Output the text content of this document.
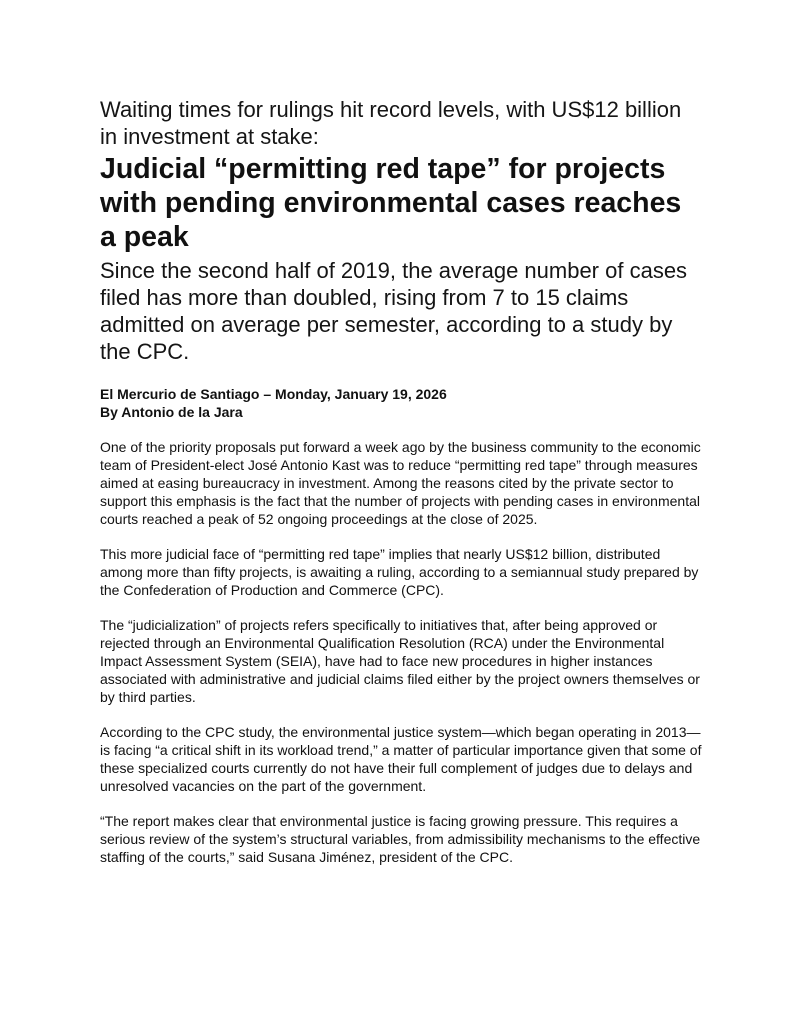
Waiting times for rulings hit record levels, with US$12 billion in investment at stake:
Judicial “permitting red tape” for projects with pending environmental cases reaches a peak

Since the second half of 2019, the average number of cases filed has more than doubled, rising from 7 to 15 claims admitted on average per semester, according to a study by the CPC.

El Mercurio de Santiago – Monday, January 19, 2026
By Antonio de la Jara

One of the priority proposals put forward a week ago by the business community to the economic team of President-elect José Antonio Kast was to reduce “permitting red tape” through measures aimed at easing bureaucracy in investment. Among the reasons cited by the private sector to support this emphasis is the fact that the number of projects with pending cases in environmental courts reached a peak of 52 ongoing proceedings at the close of 2025.

This more judicial face of “permitting red tape” implies that nearly US$12 billion, distributed among more than fifty projects, is awaiting a ruling, according to a semiannual study prepared by the Confederation of Production and Commerce (CPC).

The “judicialization” of projects refers specifically to initiatives that, after being approved or rejected through an Environmental Qualification Resolution (RCA) under the Environmental Impact Assessment System (SEIA), have had to face new procedures in higher instances associated with administrative and judicial claims filed either by the project owners themselves or by third parties.

According to the CPC study, the environmental justice system—which began operating in 2013—is facing “a critical shift in its workload trend,” a matter of particular importance given that some of these specialized courts currently do not have their full complement of judges due to delays and unresolved vacancies on the part of the government.

“The report makes clear that environmental justice is facing growing pressure. This requires a serious review of the system’s structural variables, from admissibility mechanisms to the effective staffing of the courts,” said Susana Jiménez, president of the CPC.
